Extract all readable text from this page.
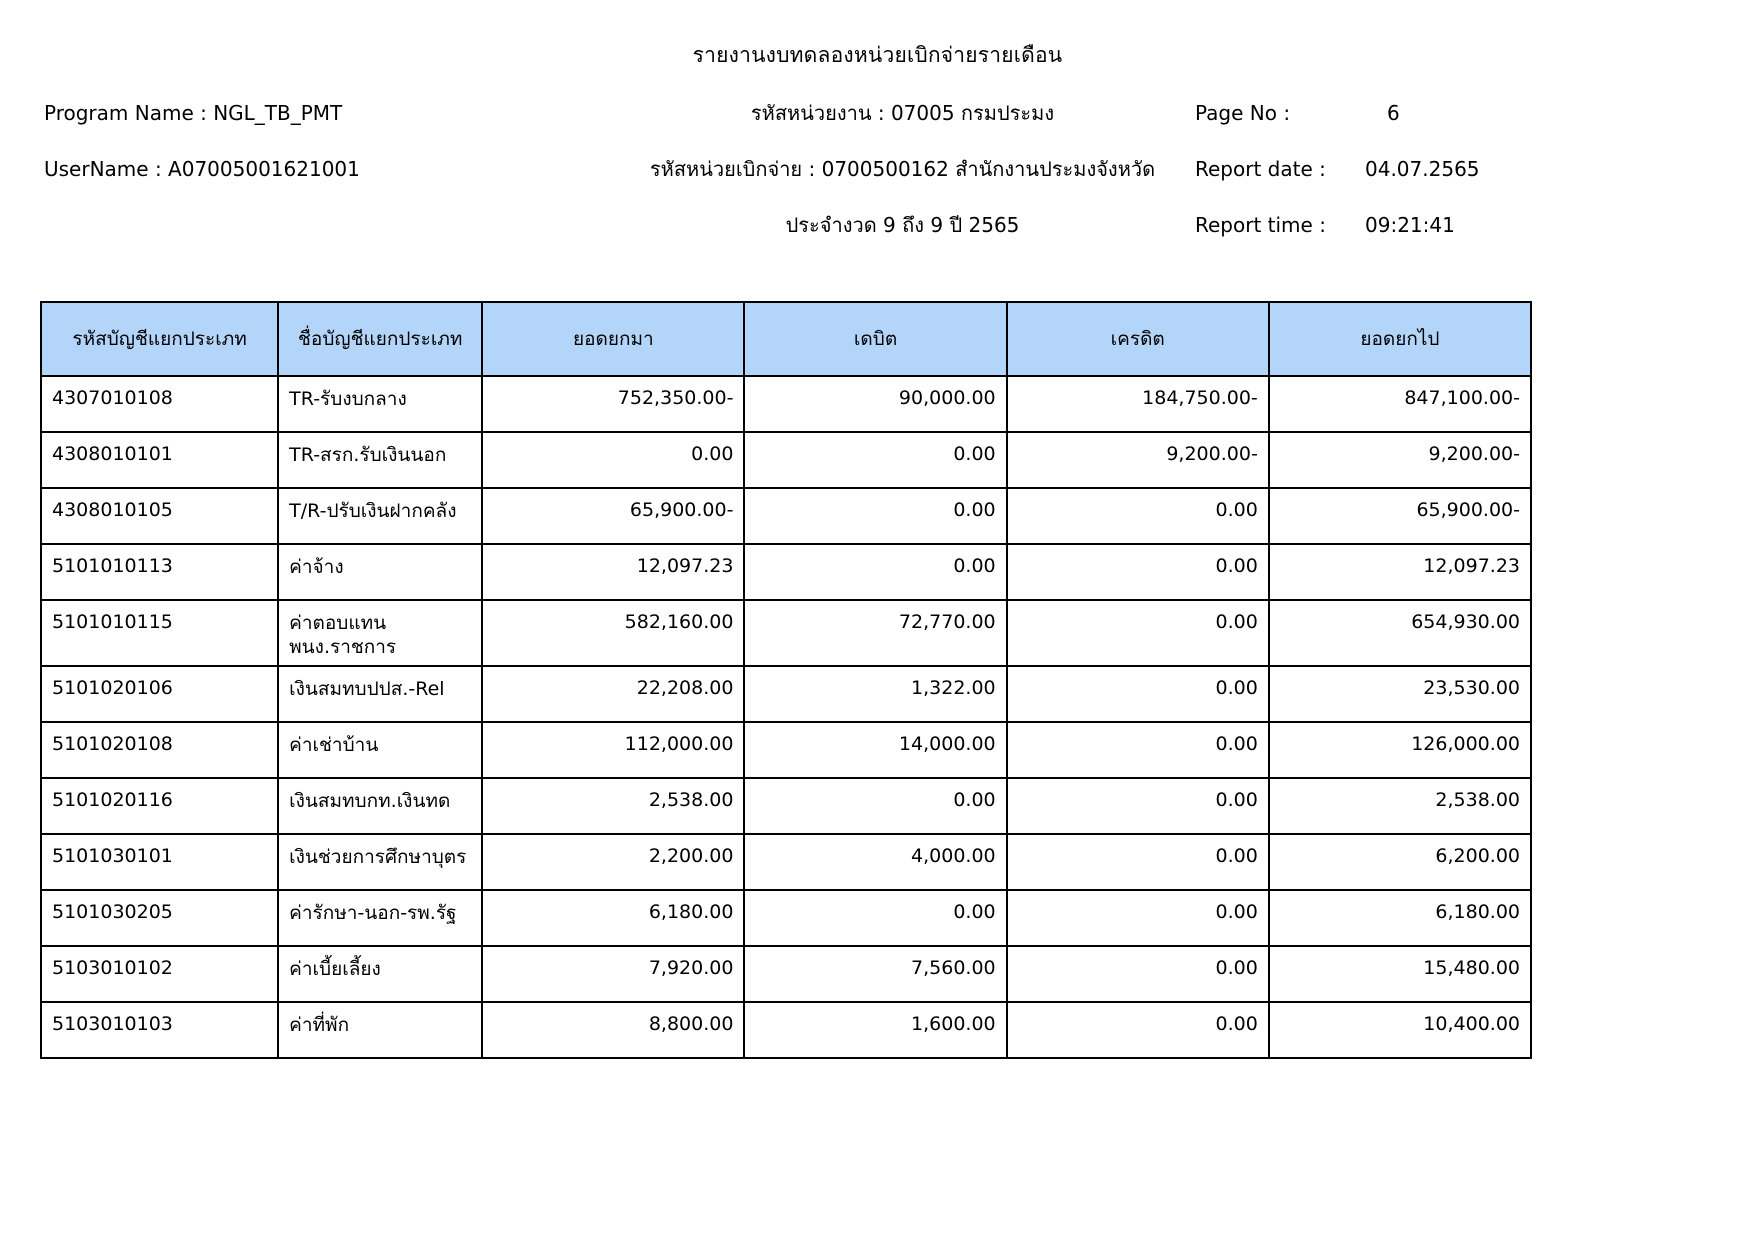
รายงานงบทดลองหน่วยเบิกจ่ายรายเดือน
Program Name : NGL_TB_PMT	รหัสหน่วยงาน : 07005 กรมประมง	Page No :	6
UserName : A07005001621001	รหัสหน่วยเบิกจ่าย : 0700500162 สำนักงานประมงจังหวัด	Report date :	04.07.2565
ประจำงวด 9 ถึง 9 ปี 2565	Report time :	09:21:41
รหัสบัญชีแยกประเภท	ชื่อบัญชีแยกประเภท	ยอดยกมา	เดบิต	เครดิต	ยอดยกไป
4307010108	TR-รับงบกลาง	752,350.00-	90,000.00	184,750.00-	847,100.00-
4308010101	TR-สรก.รับเงินนอก	0.00	0.00	9,200.00-	9,200.00-
4308010105	T/R-ปรับเงินฝากคลัง	65,900.00-	0.00	0.00	65,900.00-
5101010113	ค่าจ้าง	12,097.23	0.00	0.00	12,097.23
5101010115	ค่าตอบแทนพนง.ราชการ	582,160.00	72,770.00	0.00	654,930.00
5101020106	เงินสมทบปปส.-Rel	22,208.00	1,322.00	0.00	23,530.00
5101020108	ค่าเช่าบ้าน	112,000.00	14,000.00	0.00	126,000.00
5101020116	เงินสมทบกท.เงินทด	2,538.00	0.00	0.00	2,538.00
5101030101	เงินช่วยการศึกษาบุตร	2,200.00	4,000.00	0.00	6,200.00
5101030205	ค่ารักษา-นอก-รพ.รัฐ	6,180.00	0.00	0.00	6,180.00
5103010102	ค่าเบี้ยเลี้ยง	7,920.00	7,560.00	0.00	15,480.00
5103010103	ค่าที่พัก	8,800.00	1,600.00	0.00	10,400.00
